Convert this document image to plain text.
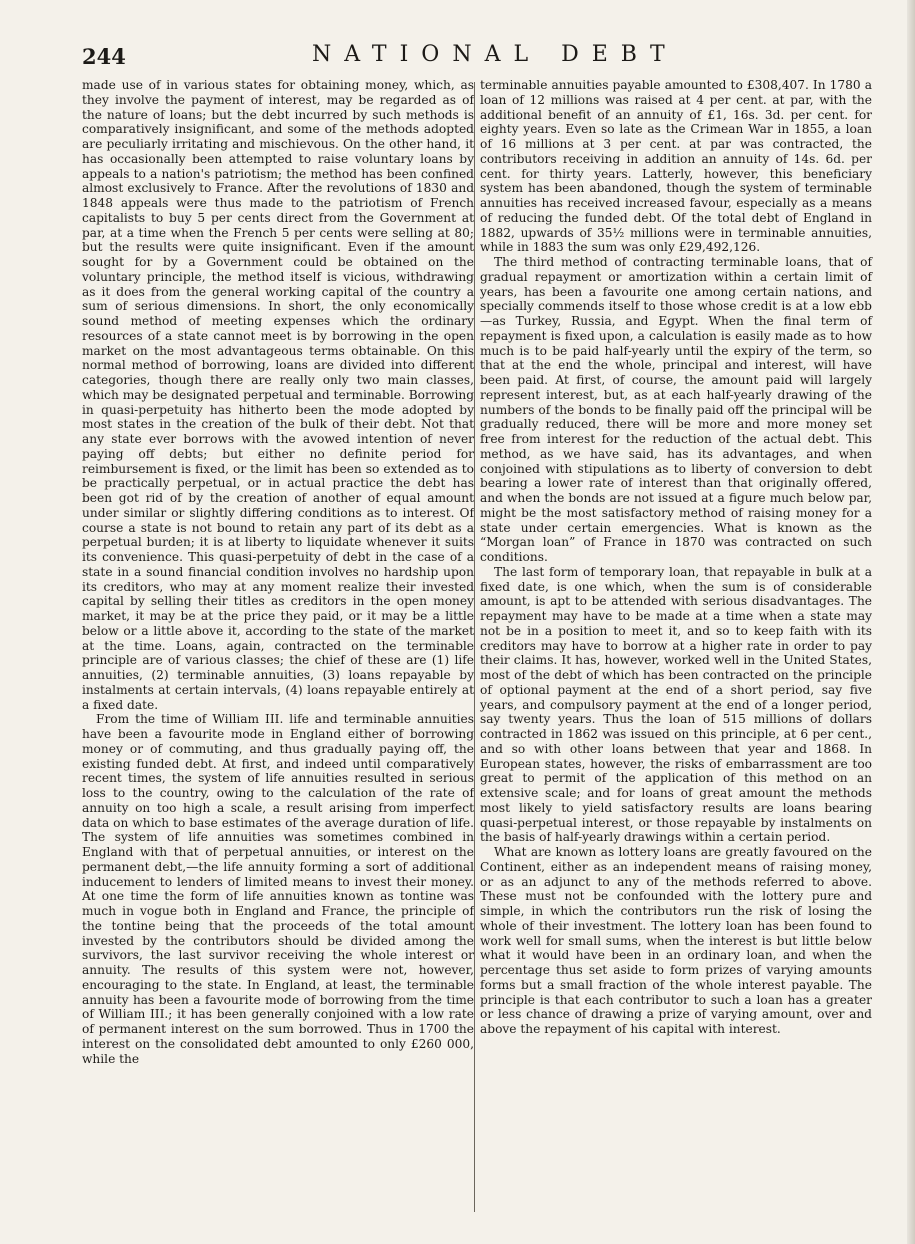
244	NATIONAL DEBT

made use of in various states for obtaining money, which, as they involve the payment of interest, may be regarded as of the nature of loans; but the debt incurred by such methods is comparatively insignificant, and some of the methods adopted are peculiarly irritating and mischievous. On the other hand, it has occasionally been attempted to raise voluntary loans by appeals to a nation's patriotism; the method has been confined almost exclusively to France. After the revolutions of 1830 and 1848 appeals were thus made to the patriotism of French capitalists to buy 5 per cents direct from the Government at par, at a time when the French 5 per cents were selling at 80; but the results were quite insignificant. Even if the amount sought for by a Government could be obtained on the voluntary principle, the method itself is vicious, withdrawing as it does from the general working capital of the country a sum of serious dimensions. In short, the only economically sound method of meeting expenses which the ordinary resources of a state cannot meet is by borrowing in the open market on the most advantageous terms obtainable. On this normal method of borrowing, loans are divided into different categories, though there are really only two main classes, which may be designated perpetual and terminable. Borrowing in quasi-perpetuity has hitherto been the mode adopted by most states in the creation of the bulk of their debt. Not that any state ever borrows with the avowed intention of never paying off debts; but either no definite period for reimbursement is fixed, or the limit has been so extended as to be practically perpetual, or in actual practice the debt has been got rid of by the creation of another of equal amount under similar or slightly differing conditions as to interest. Of course a state is not bound to retain any part of its debt as a perpetual burden; it is at liberty to liquidate whenever it suits its convenience. This quasi-perpetuity of debt in the case of a state in a sound financial condition involves no hardship upon its creditors, who may at any moment realize their invested capital by selling their titles as creditors in the open money market, it may be at the price they paid, or it may be a little below or a little above it, according to the state of the market at the time. Loans, again, contracted on the terminable principle are of various classes; the chief of these are (1) life annuities, (2) terminable annuities, (3) loans repayable by instalments at certain intervals, (4) loans repayable entirely at a fixed date.

From the time of William III. life and terminable annuities have been a favourite mode in England either of borrowing money or of commuting, and thus gradually paying off, the existing funded debt. At first, and indeed until comparatively recent times, the system of life annuities resulted in serious loss to the country, owing to the calculation of the rate of annuity on too high a scale, a result arising from imperfect data on which to base estimates of the average duration of life. The system of life annuities was sometimes combined in England with that of perpetual annuities, or interest on the permanent debt,—the life annuity forming a sort of additional inducement to lenders of limited means to invest their money. At one time the form of life annuities known as tontine was much in vogue both in England and France, the principle of the tontine being that the proceeds of the total amount invested by the contributors should be divided among the survivors, the last survivor receiving the whole interest or annuity. The results of this system were not, however, encouraging to the state. In England, at least, the terminable annuity has been a favourite mode of borrowing from the time of William III.; it has been generally conjoined with a low rate of permanent interest on the sum borrowed. Thus in 1700 the interest on the consolidated debt amounted to only £260 000, while the

terminable annuities payable amounted to £308,407. In 1780 a loan of 12 millions was raised at 4 per cent. at par, with the additional benefit of an annuity of £1, 16s. 3d. per cent. for eighty years. Even so late as the Crimean War in 1855, a loan of 16 millions at 3 per cent. at par was contracted, the contributors receiving in addition an annuity of 14s. 6d. per cent. for thirty years. Latterly, however, this beneficiary system has been abandoned, though the system of terminable annuities has received increased favour, especially as a means of reducing the funded debt. Of the total debt of England in 1882, upwards of 35½ millions were in terminable annuities, while in 1883 the sum was only £29,492,126.

The third method of contracting terminable loans, that of gradual repayment or amortization within a certain limit of years, has been a favourite one among certain nations, and specially commends itself to those whose credit is at a low ebb—as Turkey, Russia, and Egypt. When the final term of repayment is fixed upon, a calculation is easily made as to how much is to be paid half-yearly until the expiry of the term, so that at the end the whole, principal and interest, will have been paid. At first, of course, the amount paid will largely represent interest, but, as at each half-yearly drawing of the numbers of the bonds to be finally paid off the principal will be gradually reduced, there will be more and more money set free from interest for the reduction of the actual debt. This method, as we have said, has its advantages, and when conjoined with stipulations as to liberty of conversion to debt bearing a lower rate of interest than that originally offered, and when the bonds are not issued at a figure much below par, might be the most satisfactory method of raising money for a state under certain emergencies. What is known as the “Morgan loan” of France in 1870 was contracted on such conditions.

The last form of temporary loan, that repayable in bulk at a fixed date, is one which, when the sum is of considerable amount, is apt to be attended with serious disadvantages. The repayment may have to be made at a time when a state may not be in a position to meet it, and so to keep faith with its creditors may have to borrow at a higher rate in order to pay their claims. It has, however, worked well in the United States, most of the debt of which has been contracted on the principle of optional payment at the end of a short period, say five years, and compulsory payment at the end of a longer period, say twenty years. Thus the loan of 515 millions of dollars contracted in 1862 was issued on this principle, at 6 per cent., and so with other loans between that year and 1868. In European states, however, the risks of embarrassment are too great to permit of the application of this method on an extensive scale; and for loans of great amount the methods most likely to yield satisfactory results are loans bearing quasi-perpetual interest, or those repayable by instalments on the basis of half-yearly drawings within a certain period.

What are known as lottery loans are greatly favoured on the Continent, either as an independent means of raising money, or as an adjunct to any of the methods referred to above. These must not be confounded with the lottery pure and simple, in which the contributors run the risk of losing the whole of their investment. The lottery loan has been found to work well for small sums, when the interest is but little below what it would have been in an ordinary loan, and when the percentage thus set aside to form prizes of varying amounts forms but a small fraction of the whole interest payable. The principle is that each contributor to such a loan has a greater or less chance of drawing a prize of varying amount, over and above the repayment of his capital with interest.
